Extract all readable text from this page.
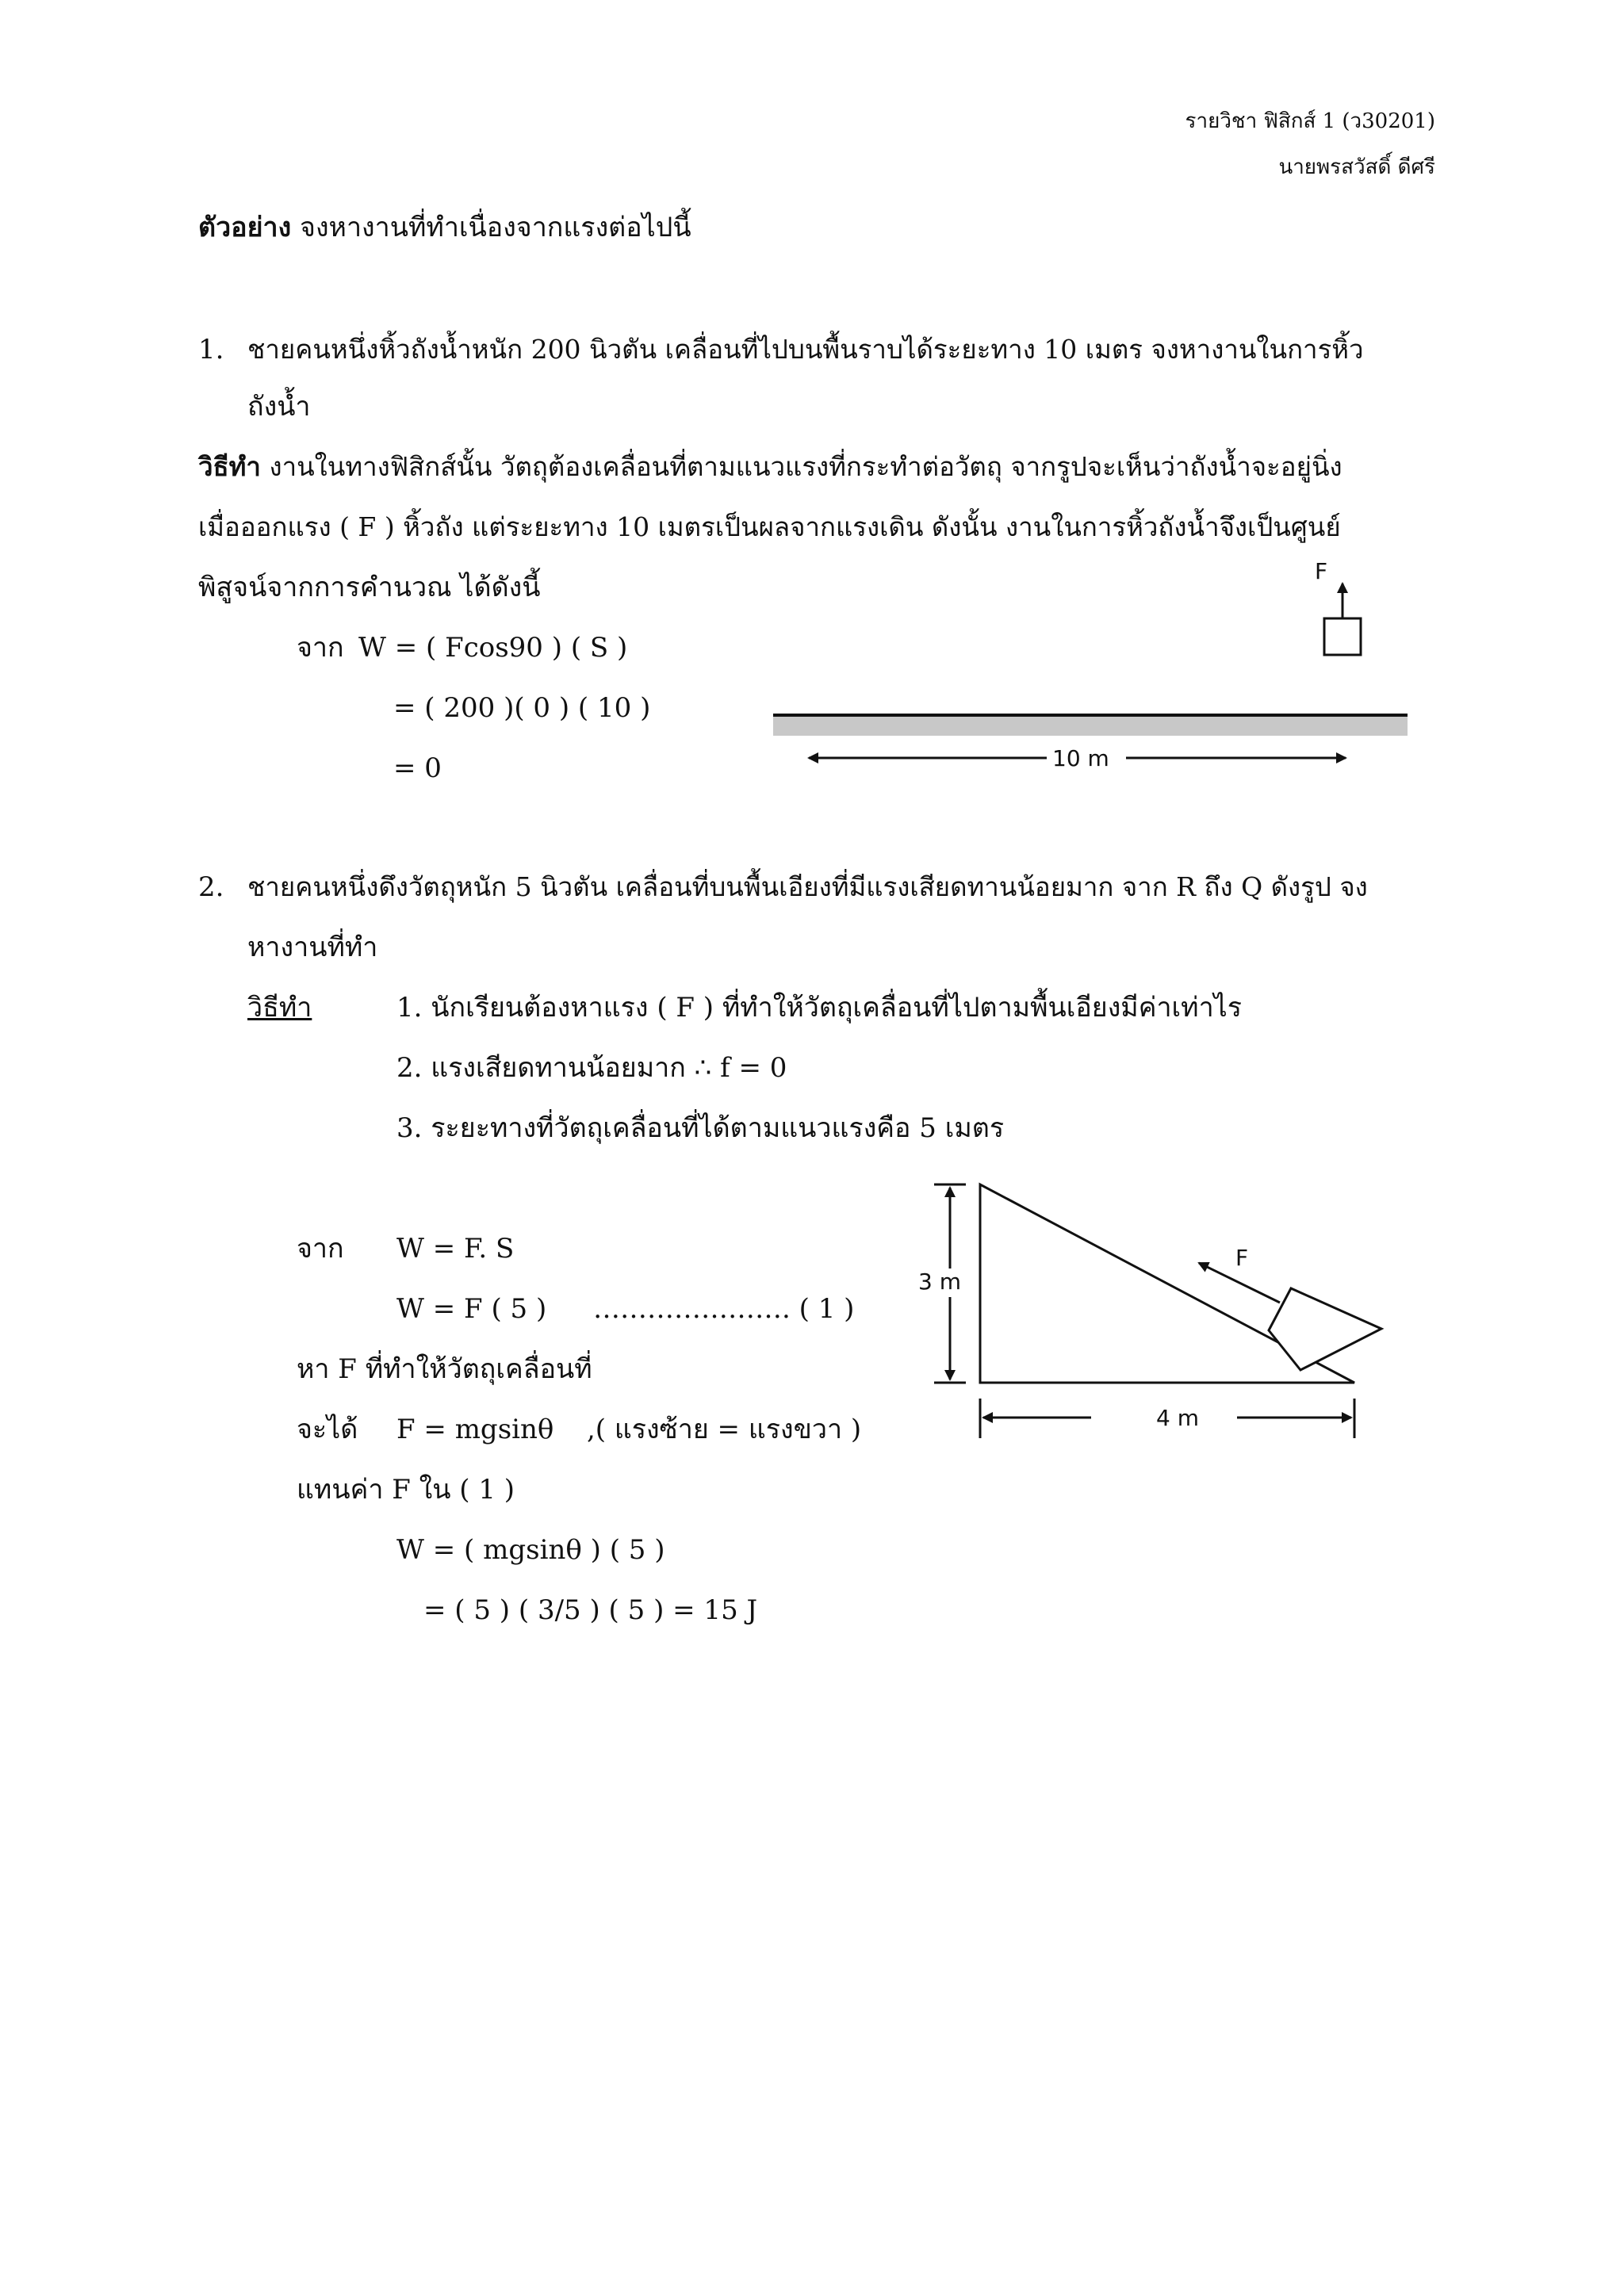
รายวิชา ฟิสิกส์ 1 (ว30201)
นายพรสวัสดิ์ ดีศรี
ตัวอย่าง จงหางานที่ทำเนื่องจากแรงต่อไปนี้
1. ชายคนหนึ่งหิ้วถังน้ำหนัก 200 นิวตัน เคลื่อนที่ไปบนพื้นราบได้ระยะทาง 10 เมตร จงหางานในการหิ้ว
ถังน้ำ
วิธีทำ งานในทางฟิสิกส์นั้น วัตถุต้องเคลื่อนที่ตามแนวแรงที่กระทำต่อวัตถุ จากรูปจะเห็นว่าถังน้ำจะอยู่นิ่ง
เมื่อออกแรง ( F ) หิ้วถัง แต่ระยะทาง 10 เมตรเป็นผลจากแรงเดิน ดังนั้น งานในการหิ้วถังน้ำจึงเป็นศูนย์
พิสูจน์จากการคำนวณ ได้ดังนี้
จาก W = ( Fcos90 ) ( S )
= ( 200 )( 0 ) ( 10 )
= 0
F
10 m
2. ชายคนหนึ่งดึงวัตถุหนัก 5 นิวตัน เคลื่อนที่บนพื้นเอียงที่มีแรงเสียดทานน้อยมาก จาก R ถึง Q ดังรูป จง
หางานที่ทำ
วิธีทำ	1. นักเรียนต้องหาแรง ( F ) ที่ทำให้วัตถุเคลื่อนที่ไปตามพื้นเอียงมีค่าเท่าไร
2. แรงเสียดทานน้อยมาก ∴ f = 0
3. ระยะทางที่วัตถุเคลื่อนที่ได้ตามแนวแรงคือ 5 เมตร
จาก W = F. S
W = F ( 5 ) …………………. ( 1 )
หา F ที่ทำให้วัตถุเคลื่อนที่
จะได้ F = mgsinθ ,( แรงซ้าย = แรงขวา )
แทนค่า F ใน ( 1 )
W = ( mgsinθ ) ( 5 )
= ( 5 ) ( 3/5 ) ( 5 ) = 15 J
3 m
4 m
F
